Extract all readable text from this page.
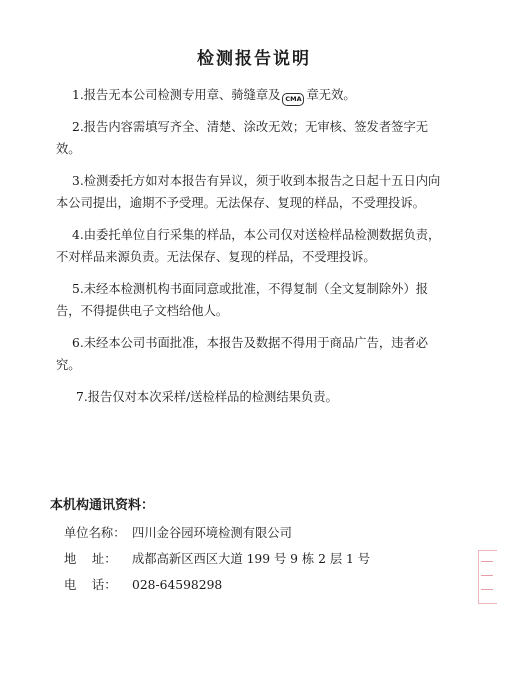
检测报告说明

1.报告无本公司检测专用章、骑缝章及 CMA 章无效。

2.报告内容需填写齐全、清楚、涂改无效；无审核、签发者签字无效。

3.检测委托方如对本报告有异议，须于收到本报告之日起十五日内向本公司提出，逾期不予受理。无法保存、复现的样品，不受理投诉。

4.由委托单位自行采集的样品，本公司仅对送检样品检测数据负责，不对样品来源负责。无法保存、复现的样品，不受理投诉。

5.未经本检测机构书面同意或批准，不得复制（全文复制除外）报告，不得提供电子文档给他人。

6.未经本公司书面批准，本报告及数据不得用于商品广告，违者必究。

7.报告仅对本次采样/送检样品的检测结果负责。

本机构通讯资料：
单位名称： 四川金谷园环境检测有限公司
地    址： 成都高新区西区大道 199 号 9 栋 2 层 1 号
电    话： 028-64598298
